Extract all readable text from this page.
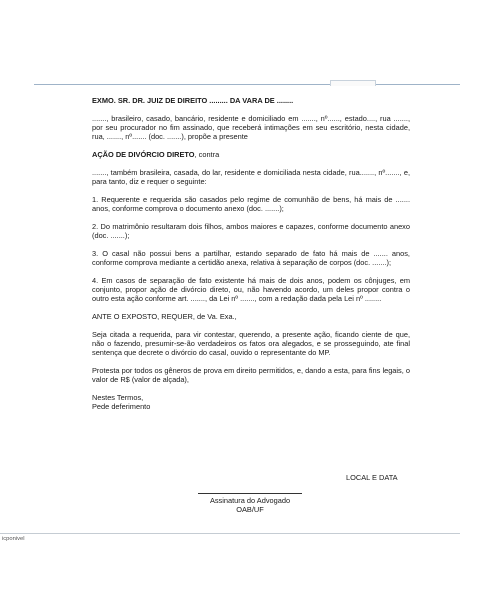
EXMO. SR. DR. JUIZ DE DIREITO ......... DA VARA DE ........

......., brasileiro, casado, bancário, residente e domiciliado em ......., nº......, estado...., rua ......., por seu procurador no fim assinado, que receberá intimações em seu escritório, nesta cidade, rua, ......., nº....... (doc. .......), propõe a presente

AÇÃO DE DIVÓRCIO DIRETO, contra

......., também brasileira, casada, do lar, residente e domiciliada nesta cidade, rua......., nº......., e, para tanto, diz e requer o seguinte:

1. Requerente e requerida são casados pelo regime de comunhão de bens, há mais de ....... anos, conforme comprova o documento anexo (doc. .......);

2. Do matrimônio resultaram dois filhos, ambos maiores e capazes, conforme documento anexo (doc. .......);

3. O casal não possui bens a partilhar, estando separado de fato há mais de ....... anos, conforme comprova mediante a certidão anexa, relativa à separação de corpos (doc. .......);

4. Em casos de separação de fato existente há mais de dois anos, podem os cônjuges, em conjunto, propor ação de divórcio direto, ou, não havendo acordo, um deles propor contra o outro esta ação conforme art. ......., da Lei nº ......., com a redação dada pela Lei nº ........

ANTE O EXPOSTO, REQUER, de Va. Exa.,

Seja citada a requerida, para vir contestar, querendo, a presente ação, ficando ciente de que, não o fazendo, presumir-se-ão verdadeiros os fatos ora alegados, e se prosseguindo, ate final sentença que decrete o divórcio do casal, ouvido o representante do MP.

Protesta por todos os gêneros de prova em direito permitidos, e, dando a esta, para fins legais, o valor de R$ (valor de alçada),

Nestes Termos,
Pede deferimento

LOCAL E DATA
Assinatura do Advogado
OAB/UF
icponivel
